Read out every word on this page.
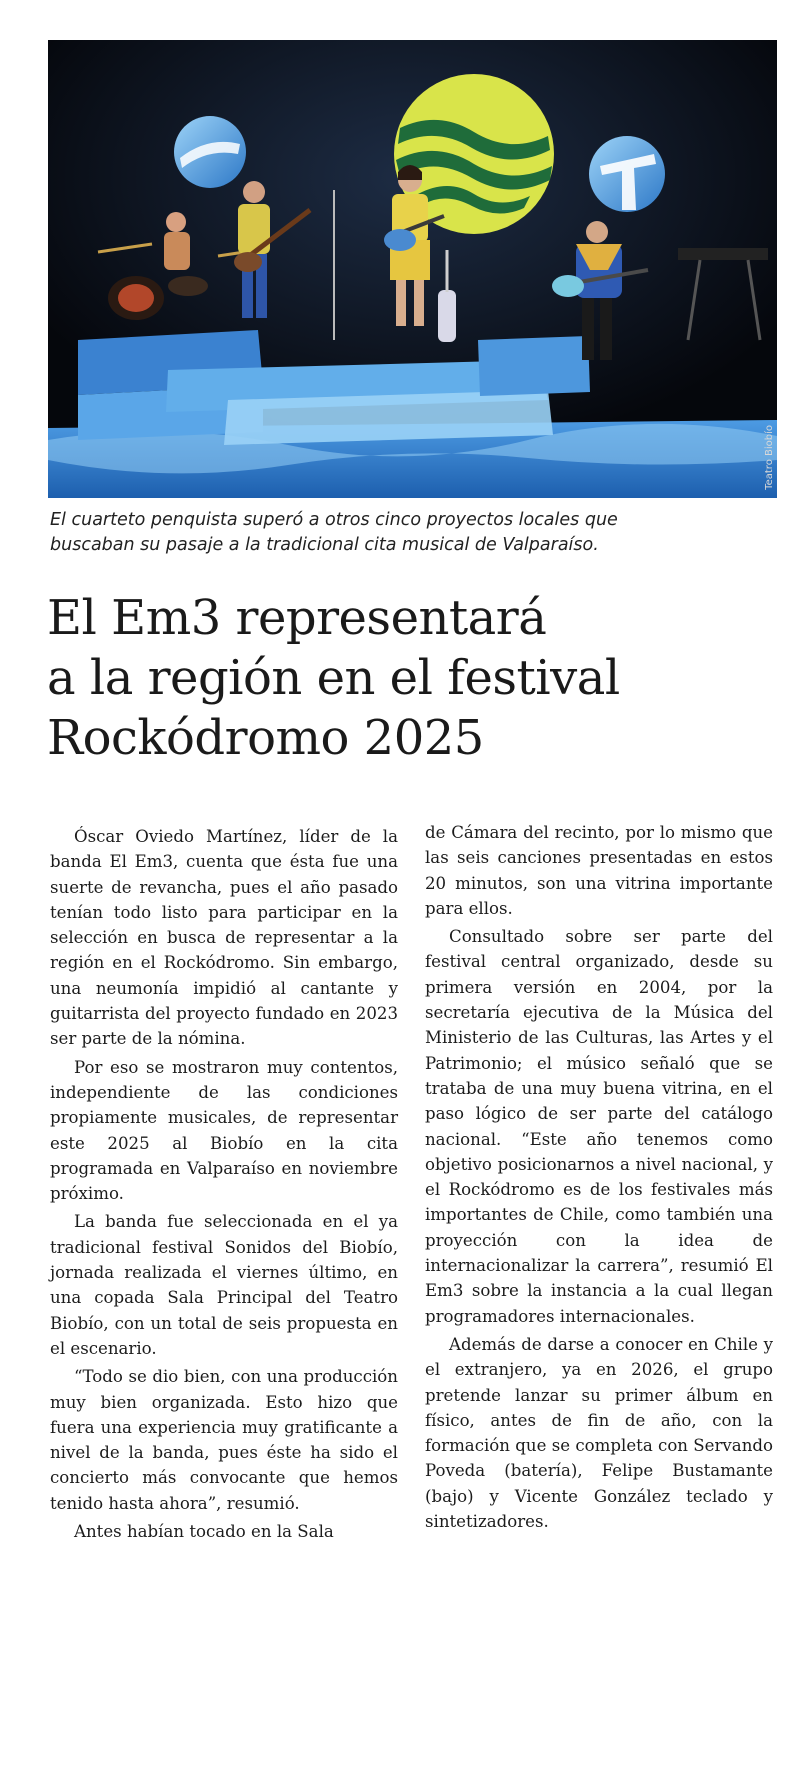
Teatro Biobío
El cuarteto penquista superó a otros cinco proyectos locales que
buscaban su pasaje a la tradicional cita musical de Valparaíso.
El Em3 representará
a la región en el festival
Rockódromo 2025

Óscar Oviedo Martínez, líder de la banda El Em3, cuenta que ésta fue una suerte de revancha, pues el año pasado tenían todo listo para participar en la selección en busca de representar a la región en el Rockódromo. Sin embargo, una neumonía impidió al cantante y guitarrista del proyecto fundado en 2023 ser parte de la nómina.

Por eso se mostraron muy contentos, independiente de las condiciones propiamente musicales, de representar este 2025 al Biobío en la cita programada en Valparaíso en noviembre próximo.

La banda fue seleccionada en el ya tradicional festival Sonidos del Biobío, jornada realizada el viernes último, en una copada Sala Principal del Teatro Biobío, con un total de seis propuesta en el escenario.

“Todo se dio bien, con una producción muy bien organizada. Esto hizo que fuera una experiencia muy gratificante a nivel de la banda, pues éste ha sido el concierto más convocante que hemos tenido hasta ahora”, resumió.

Antes habían tocado en la Sala

de Cámara del recinto, por lo mismo que las seis canciones presentadas en estos 20 minutos, son una vitrina importante para ellos.

Consultado sobre ser parte del festival central organizado, desde su primera versión en 2004, por la secretaría ejecutiva de la Música del Ministerio de las Culturas, las Artes y el Patrimonio; el músico señaló que se trataba de una muy buena vitrina, en el paso lógico de ser parte del catálogo nacional. “Este año tenemos como objetivo posicionarnos a nivel nacional, y el Rockódromo es de los festivales más importantes de Chile, como también una proyección con la idea de internacionalizar la carrera”, resumió El Em3 sobre la instancia a la cual llegan programadores internacionales.

Además de darse a conocer en Chile y el extranjero, ya en 2026, el grupo pretende lanzar su primer álbum en físico, antes de fin de año, con la formación que se completa con Servando Poveda (batería), Felipe Bustamante (bajo) y Vicente González teclado y sintetizadores.
